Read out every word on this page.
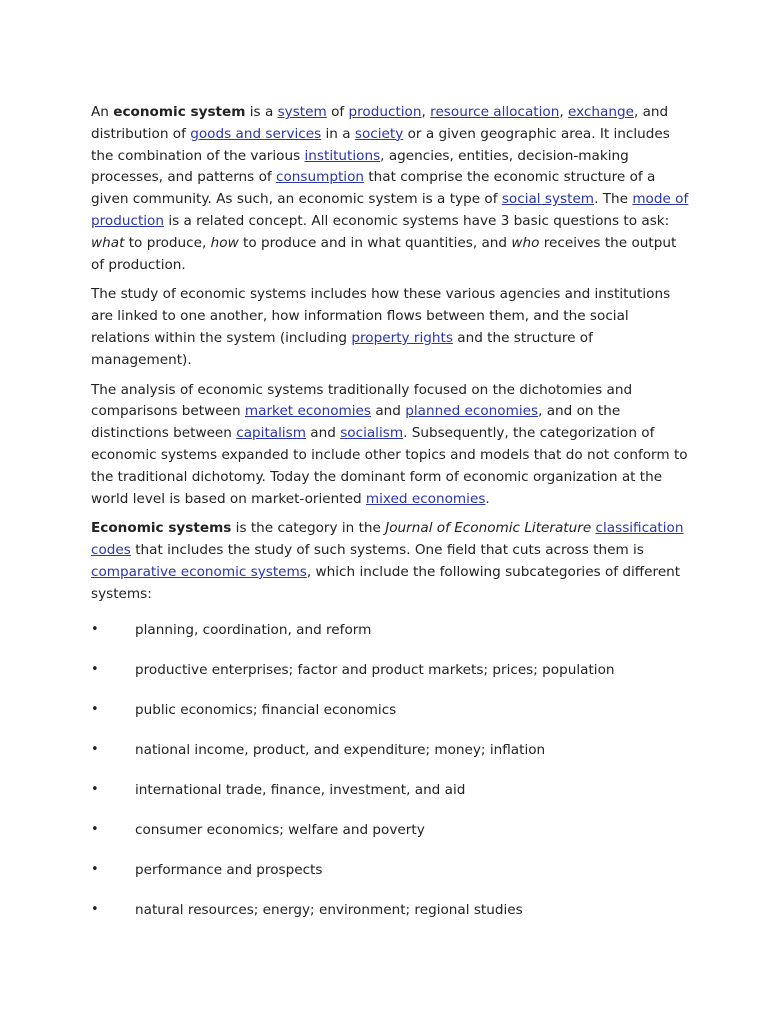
An economic system is a system of production, resource allocation, exchange, and distribution of goods and services in a society or a given geographic area. It includes the combination of the various institutions, agencies, entities, decision-making processes, and patterns of consumption that comprise the economic structure of a given community. As such, an economic system is a type of social system. The mode of production is a related concept. All economic systems have 3 basic questions to ask: what to produce, how to produce and in what quantities, and who receives the output of production.

The study of economic systems includes how these various agencies and institutions are linked to one another, how information flows between them, and the social relations within the system (including property rights and the structure of management).

The analysis of economic systems traditionally focused on the dichotomies and comparisons between market economies and planned economies, and on the distinctions between capitalism and socialism. Subsequently, the categorization of economic systems expanded to include other topics and models that do not conform to the traditional dichotomy. Today the dominant form of economic organization at the world level is based on market-oriented mixed economies.

Economic systems is the category in the Journal of Economic Literature classification codes that includes the study of such systems. One field that cuts across them is comparative economic systems, which include the following subcategories of different systems:

•	planning, coordination, and reform
•	productive enterprises; factor and product markets; prices; population
•	public economics; financial economics
•	national income, product, and expenditure; money; inflation
•	international trade, finance, investment, and aid
•	consumer economics; welfare and poverty
•	performance and prospects
•	natural resources; energy; environment; regional studies
